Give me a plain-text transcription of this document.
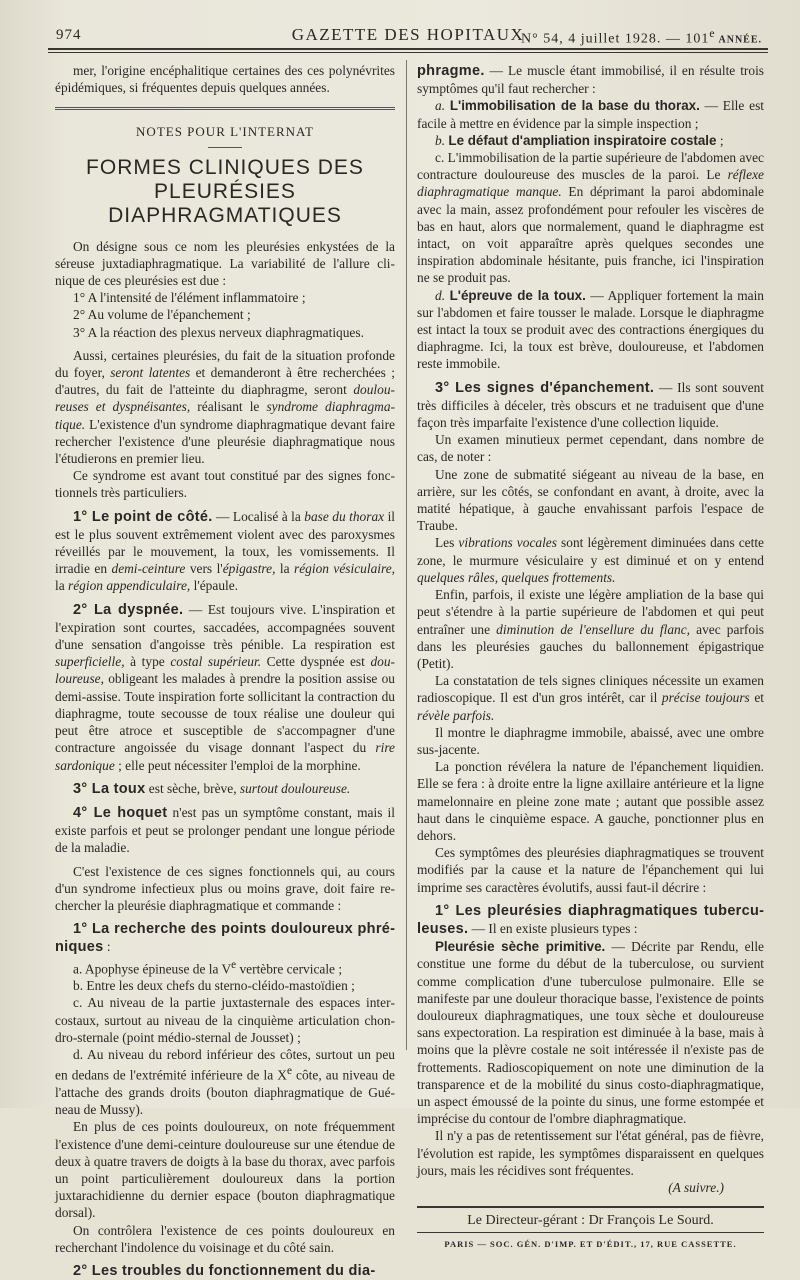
974	GAZETTE DES HOPITAUX
N° 54, 4 juillet 1928. — 101e ANNÉE.

mer, l'origine encéphalitique certaines des ces polynévrites épidémiques, si fréquentes depuis quelques années.

NOTES POUR L'INTERNAT
FORMES CLINIQUES DES PLEURÉSIES DIAPHRAGMATIQUES

On désigne sous ce nom les pleurésies enkystées de la séreuse juxtadiaphragmatique. La variabilité de l'allure clinique de ces pleurésies est due :

1° A l'intensité de l'élément inflammatoire ;

2° Au volume de l'épanchement ;

3° A la réaction des plexus nerveux diaphragmatiques.

Aussi, certaines pleurésies, du fait de la situation profonde du foyer, seront latentes et demanderont à être recherchées ; d'autres, du fait de l'atteinte du diaphragme, seront douloureuses et dyspnéisantes, réalisant le syndrome diaphragmatique. L'existence d'un syndrome diaphragmatique devant faire rechercher l'existence d'une pleurésie diaphragmatique nous l'étudierons en premier lieu.

Ce syndrome est avant tout constitué par des signes fonctionnels très particuliers.

1° Le point de côté. — Localisé à la base du thorax il est le plus souvent extrêmement violent avec des paroxysmes réveillés par le mouvement, la toux, les vomissements. Il irradie en demi-ceinture vers l'épigastre, la région vésiculaire, la région appendiculaire, l'épaule.

2° La dyspnée. — Est toujours vive. L'inspiration et l'expiration sont courtes, saccadées, accompagnées souvent d'une sensation d'angoisse très pénible. La respiration est superficielle, à type costal supérieur. Cette dyspnée est douloureuse, obligeant les malades à prendre la position assise ou demi-assise. Toute inspiration forte sollicitant la contraction du diaphragme, toute secousse de toux réalise une douleur qui peut être atroce et susceptible de s'accompagner d'une contracture angoissée du visage donnant l'aspect du rire sardonique ; elle peut nécessiter l'emploi de la morphine.

3° La toux est sèche, brève, surtout douloureuse.

4° Le hoquet n'est pas un symptôme constant, mais il existe parfois et peut se prolonger pendant une longue période de la maladie.

C'est l'existence de ces signes fonctionnels qui, au cours d'un syndrome infectieux plus ou moins grave, doit faire rechercher la pleurésie diaphragmatique et commande :

1° La recherche des points douloureux phréniques :

a. Apophyse épineuse de la Ve vertèbre cervicale ;

b. Entre les deux chefs du sterno-cléido-mastoïdien ;

c. Au niveau de la partie juxtasternale des espaces intercostaux, surtout au niveau de la cinquième articulation chondro-sternale (point médio-sternal de Jousset) ;

d. Au niveau du rebord inférieur des côtes, surtout un peu en dedans de l'extrémité inférieure de la Xe côte, au niveau de l'attache des grands droits (bouton diaphragmatique de Guéneau de Mussy).

En plus de ces points douloureux, on note fréquemment l'existence d'une demi-ceinture douloureuse sur une étendue de deux à quatre travers de doigts à la base du thorax, avec parfois un point particulièrement douloureux dans la portion juxtarachidienne du dernier espace (bouton diaphragmatique dorsal).

On contrôlera l'existence de ces points douloureux en recherchant l'indolence du voisinage et du côté sain.

2° Les troubles du fonctionnement du dia-

phragme. — Le muscle étant immobilisé, il en résulte trois symptômes qu'il faut rechercher :

a. L'immobilisation de la base du thorax. — Elle est facile à mettre en évidence par la simple inspection ;

b. Le défaut d'ampliation inspiratoire costale ;

c. L'immobilisation de la partie supérieure de l'abdomen avec contracture douloureuse des muscles de la paroi. Le réflexe diaphragmatique manque. En déprimant la paroi abdominale avec la main, assez profondément pour refouler les viscères de bas en haut, alors que normalement, quand le diaphragme est intact, on voit apparaître après quelques secondes une inspiration abdominale hésitante, puis franche, ici l'inspiration ne se produit pas.

d. L'épreuve de la toux. — Appliquer fortement la main sur l'abdomen et faire tousser le malade. Lorsque le diaphragme est intact la toux se produit avec des contractions énergiques du diaphragme. Ici, la toux est brève, douloureuse, et l'abdomen reste immobile.

3° Les signes d'épanchement. — Ils sont souvent très difficiles à déceler, très obscurs et ne traduisent que d'une façon très imparfaite l'existence d'une collection liquide.

Un examen minutieux permet cependant, dans nombre de cas, de noter :

Une zone de submatité siégeant au niveau de la base, en arrière, sur les côtés, se confondant en avant, à droite, avec la matité hépatique, à gauche envahissant parfois l'espace de Traube.

Les vibrations vocales sont légèrement diminuées dans cette zone, le murmure vésiculaire y est diminué et on y entend quelques râles, quelques frottements.

Enfin, parfois, il existe une légère ampliation de la base qui peut s'étendre à la partie supérieure de l'abdomen et qui peut entraîner une diminution de l'ensellure du flanc, avec parfois dans les pleurésies gauches du ballonnement épigastrique (Petit).

La constatation de tels signes cliniques nécessite un examen radioscopique. Il est d'un gros intérêt, car il précise toujours et révèle parfois.

Il montre le diaphragme immobile, abaissé, avec une ombre sus-jacente.

La ponction révélera la nature de l'épanchement liquidien. Elle se fera : à droite entre la ligne axillaire antérieure et la ligne mamelonnaire en pleine zone mate ; autant que possible assez haut dans le cinquième espace. A gauche, ponctionner plus en dehors.

Ces symptômes des pleurésies diaphragmatiques se trouvent modifiés par la cause et la nature de l'épanchement qui lui imprime ses caractères évolutifs, aussi faut-il décrire :

1° Les pleurésies diaphragmatiques tuberculeuses. — Il en existe plusieurs types :

Pleurésie sèche primitive. — Décrite par Rendu, elle constitue une forme du début de la tuberculose, ou survient comme complication d'une tuberculose pulmonaire. Elle se manifeste par une douleur thoracique basse, l'existence de points douloureux diaphragmatiques, une toux sèche et douloureuse sans expectoration. La respiration est diminuée à la base, mais à moins que la plèvre costale ne soit intéressée il n'existe pas de frottements. Radioscopiquement on note une diminution de la transparence et de la mobilité du sinus costo-diaphragmatique, un aspect émoussé de la pointe du sinus, une forme estompée et imprécise du contour de l'ombre diaphragmatique.

Il n'y a pas de retentissement sur l'état général, pas de fièvre, l'évolution est rapide, les symptômes disparaissent en quelques jours, mais les récidives sont fréquentes.

(A suivre.)
Le Directeur-gérant : Dr François Le Sourd.
PARIS — SOC. GÉN. D'IMP. ET D'ÉDIT., 17, RUE CASSETTE.
